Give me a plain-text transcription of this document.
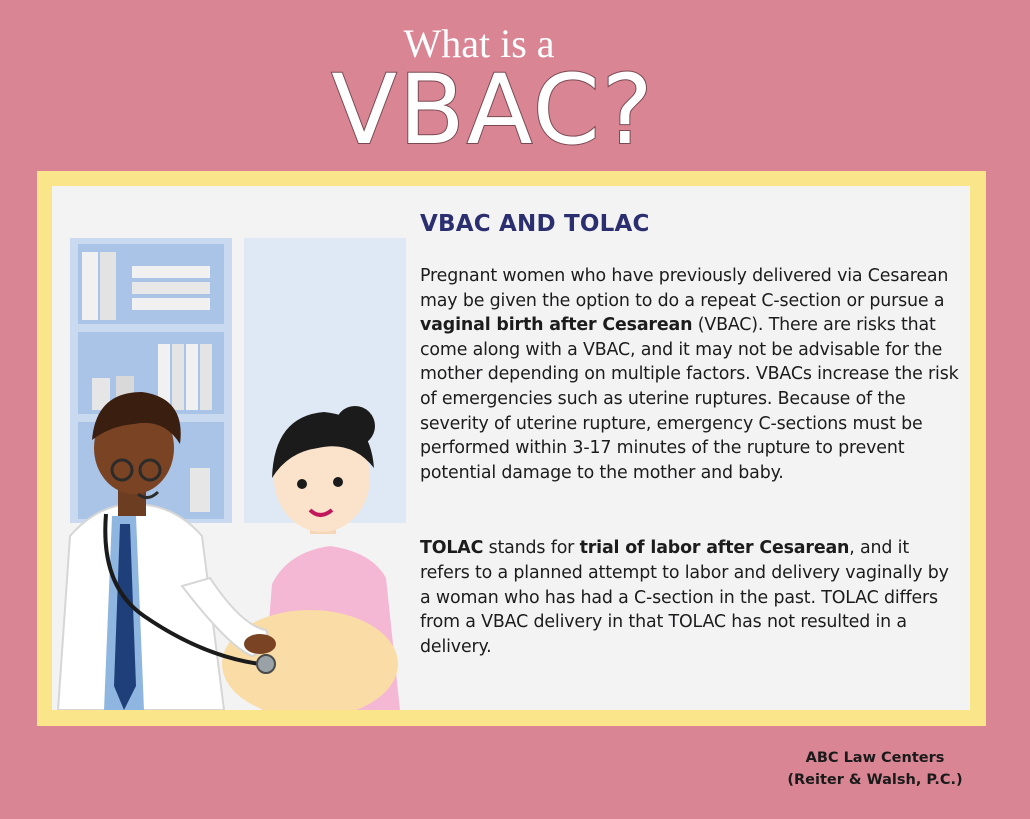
What is a
VBAC?
VBAC AND TOLAC

Pregnant women who have previously delivered via Cesarean may be given the option to do a repeat C-section or pursue a vaginal birth after Cesarean (VBAC). There are risks that come along with a VBAC, and it may not be advisable for the mother depending on multiple factors. VBACs increase the risk of emergencies such as uterine ruptures. Because of the severity of uterine rupture, emergency C-sections must be performed within 3-17 minutes of the rupture to prevent potential damage to the mother and baby.

TOLAC stands for trial of labor after Cesarean, and it refers to a planned attempt to labor and delivery vaginally by a woman who has had a C-section in the past. TOLAC differs from a VBAC delivery in that TOLAC has not resulted in a delivery.

ABC Law Centers
(Reiter & Walsh, P.C.)
